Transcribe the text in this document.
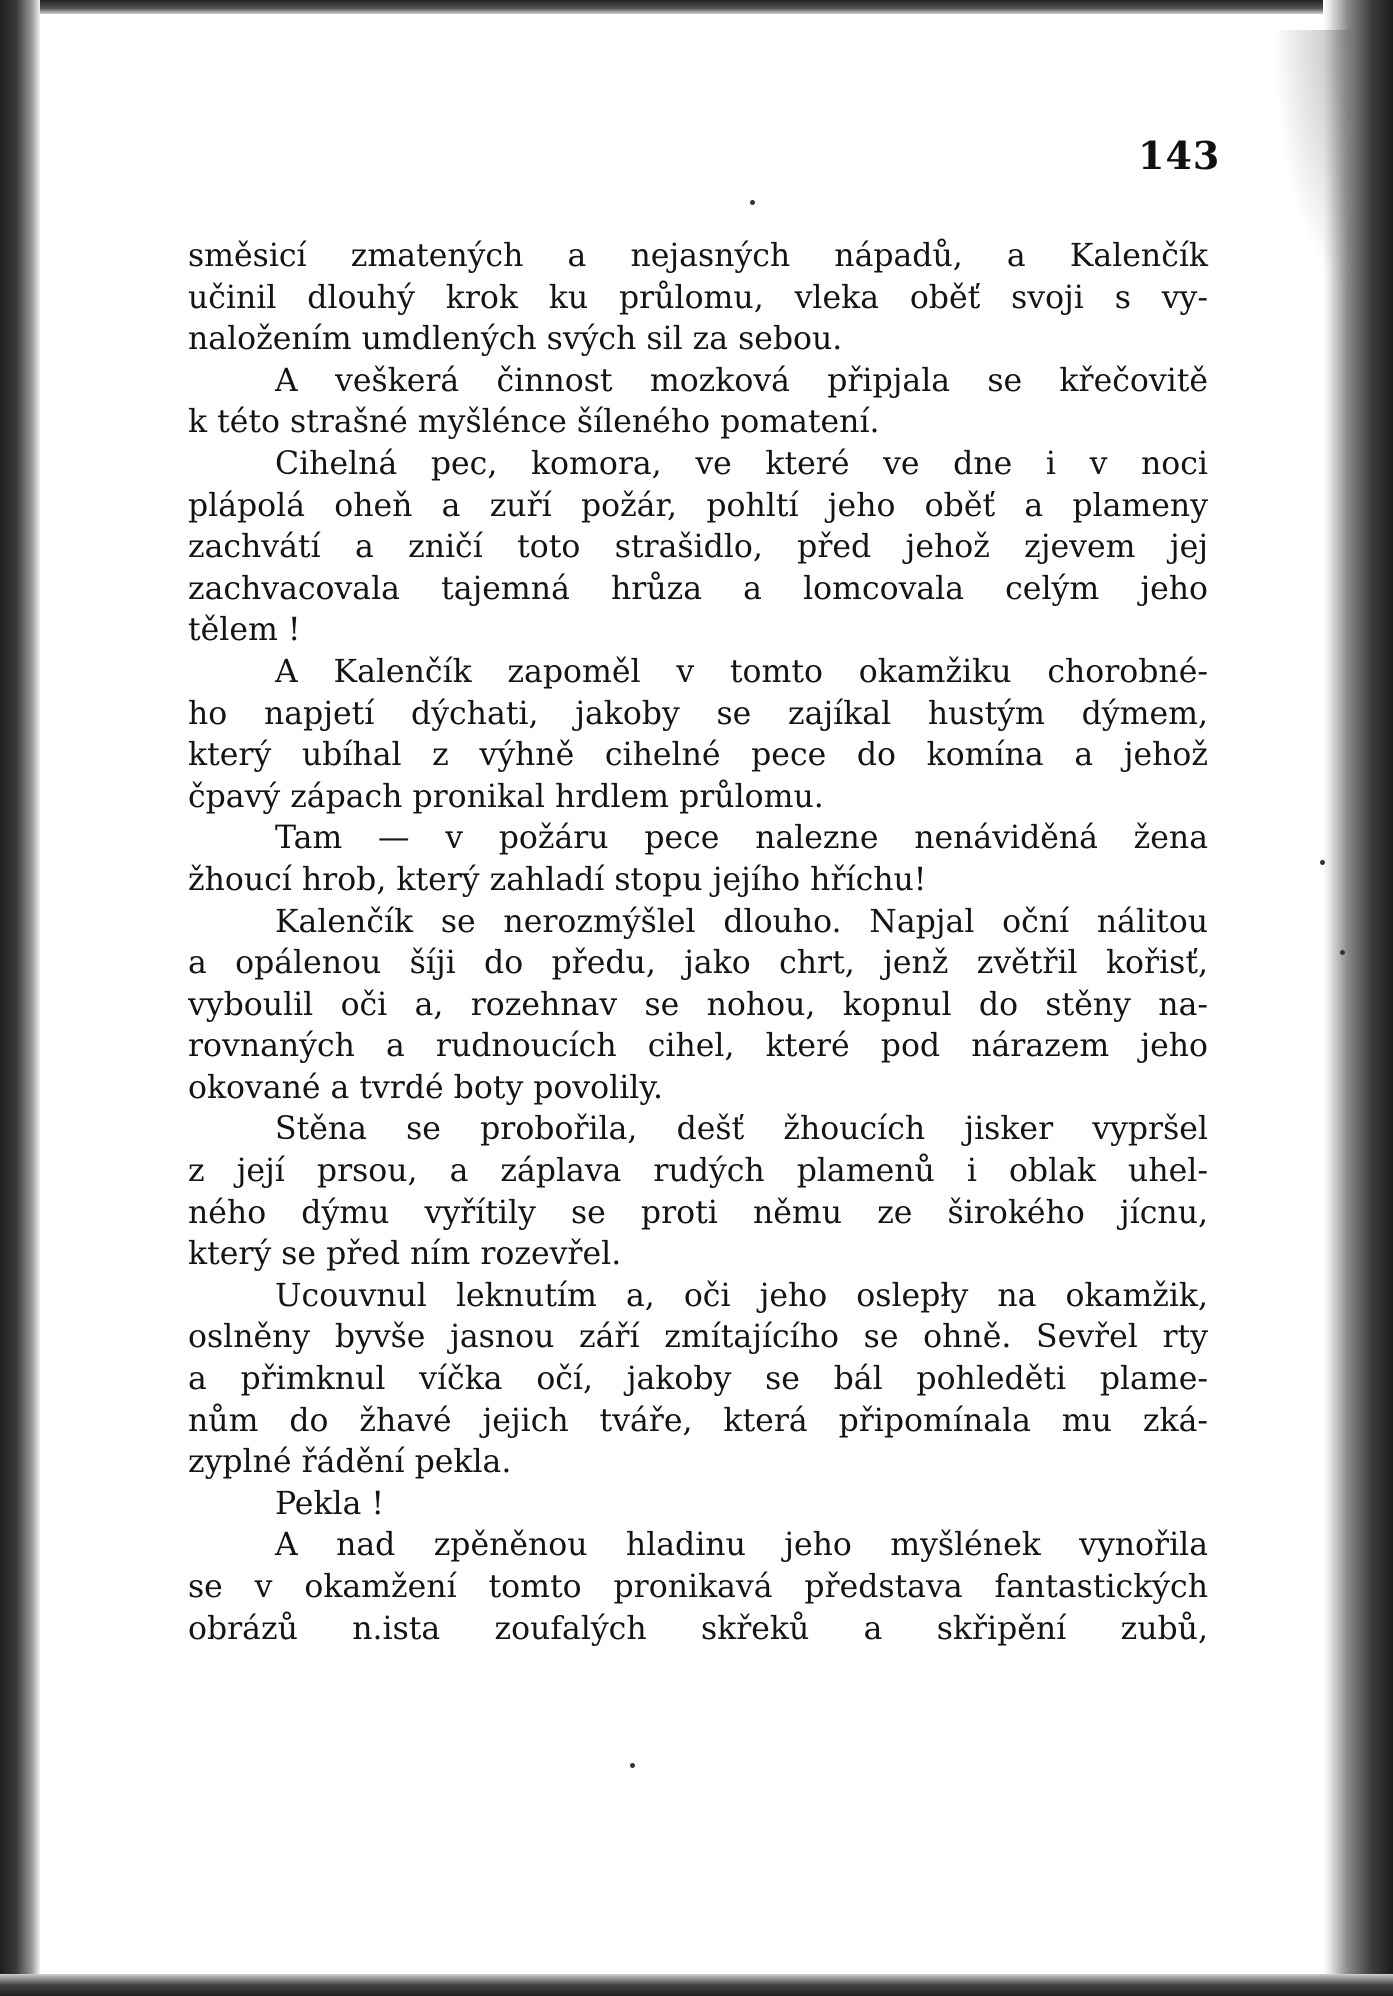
143
směsicí zmatených a nejasných nápadů, a Kalenčík
učinil dlouhý krok ku průlomu, vleka oběť svoji s vy-
naložením umdlených svých sil za sebou.
A veškerá činnost mozková připjala se křečovitě
k této strašné myšlénce šíleného pomatení.
Cihelná pec, komora, ve které ve dne i v noci
plápolá oheň a zuří požár, pohltí jeho oběť a plameny
zachvátí a zničí toto strašidlo, před jehož zjevem jej
zachvacovala tajemná hrůza a lomcovala celým jeho
tělem !
A Kalenčík zapoměl v tomto okamžiku chorobné-
ho napjetí dýchati, jakoby se zajíkal hustým dýmem,
který ubíhal z výhně cihelné pece do komína a jehož
čpavý zápach pronikal hrdlem průlomu.
Tam — v požáru pece nalezne nenáviděná žena
žhoucí hrob, který zahladí stopu jejího hříchu!
Kalenčík se nerozmýšlel dlouho. Napjal oční nálitou
a opálenou šíji do předu, jako chrt, jenž zvětřil kořisť,
vyboulil oči a, rozehnav se nohou, kopnul do stěny na-
rovnaných a rudnoucích cihel, které pod nárazem jeho
okované a tvrdé boty povolily.
Stěna se probořila, dešť žhoucích jisker vypršel
z její prsou, a záplava rudých plamenů i oblak uhel-
ného dýmu vyřítily se proti němu ze širokého jícnu,
který se před ním rozevřel.
Ucouvnul leknutím a, oči jeho oslepły na okamžik,
oslněny byvše jasnou září zmítajícího se ohně. Sevřel rty
a přimknul víčka očí, jakoby se bál pohleděti plame-
nům do žhavé jejich tváře, která připomínala mu zká-
zyplné řádění pekla.
Pekla !
A nad zpěněnou hladinu jeho myšlének vynořila
se v okamžení tomto pronikavá představa fantastických
obrázů n.ista zoufalých skřeků a skřipění zubů,
